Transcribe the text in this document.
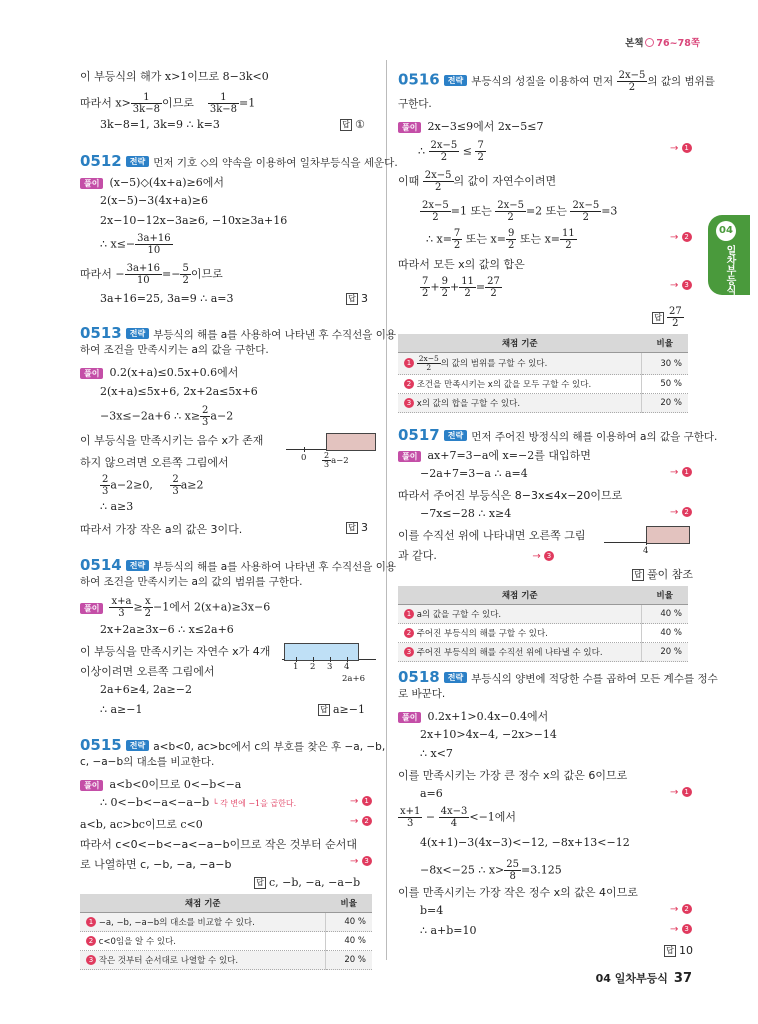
본책 76~78쪽
04
일차부등식
이 부등식의 해가 x>1이므로 8−3k<0
따라서 $x> \frac{1}{3k-8}$ 이므로 $\frac{1}{3k-8} =1$
3k−8=1, 3k=9 ∴ k=3	답 ①
0512 전략 먼저 기호 ◇의 약속을 이용하여 일차부등식을 세운다.
풀이 (x−5)◇(4x+a)≥6에서
2(x−5)−3(4x+a)≥6
2x−10−12x−3a≥6, −10x≥3a+16
∴ $x\le- \frac{3a+16}{10}$
따라서 − $\frac{3a+16}{10} =- \frac{5}{2}$ 이므로
3a+16=25, 3a=9 ∴ a=3	답 3
0513 전략 부등식의 해를 a를 사용하여 나타낸 후 수직선을 이용
하여 조건을 만족시키는 a의 값을 구한다.
풀이 0.2(x+a)≤0.5x+0.6에서
2(x+a)≤5x+6, 2x+2a≤5x+6
−3x≤−2a+6 ∴ $x\ge \frac{2}{3} a-2$
이 부등식을 만족시키는 음수 x가 존재
하지 않으려면 오른쪽 그림에서
$\frac{2}{3} a-2\ge 0$, $\frac{2}{3} a\ge 2$
∴ a≥3
따라서 가장 작은 a의 값은 3이다.	답 3
$0 \frac{2}{3} a-2$
0514 전략 부등식의 해를 a를 사용하여 나타낸 후 수직선을 이용
하여 조건을 만족시키는 a의 값의 범위를 구한다.
풀이 $\frac{x+a}{3} \ge \frac{x}{2} -1$에서 2(x+a)≥3x−6
2x+2a≥3x−6 ∴ x≤2a+6
이 부등식을 만족시키는 자연수 x가 4개
이상이려면 오른쪽 그림에서
2a+6≥4, 2a≥−2
∴ a≥−1	답 a≥−1
1 2 3 4
2a+6
0515 전략 a<b<0, ac>bc에서 c의 부호를 찾은 후 −a, −b,
c, −a−b의 대소를 비교한다.
풀이 a<b<0이므로 0<−b<−a
∴ 0<−b<−a<−a−b └ 각 변에 −1을 곱한다.	→ 1
a<b, ac>bc이므로 c<0	→ 2
따라서 c<0<−b<−a<−a−b이므로 작은 것부터 순서대
로 나열하면 c, −b, −a, −a−b	→ 3
답 c, −b, −a, −a−b
채점 기준	비율
1 −a, −b, −a−b의 대소를 비교할 수 있다.	40 %
2 c<0임을 알 수 있다.	40 %
3 작은 것부터 순서대로 나열할 수 있다.	20 %
0516 전략 부등식의 성질을 이용하여 먼저 $\frac{2x-5}{2}$ 의 값의 범위를
구한다.
풀이 2x−3≤9에서 2x−5≤7
∴ $\frac{2x-5}{2} \le \frac{7}{2}$	→ 1
이때 $\frac{2x-5}{2}$ 의 값이 자연수이려면
$\frac{2x-5}{2} =1$ 또는 $\frac{2x-5}{2} =2$ 또는 $\frac{2x-5}{2} =3$
∴ $x= \frac{7}{2}$ 또는 $x= \frac{9}{2}$ 또는 $x= \frac{11}{2}$	→ 2
따라서 모든 x의 값의 합은
$\frac{7}{2} + \frac{9}{2} + \frac{11}{2} = \frac{27}{2}$	→ 3
답 $\frac{27}{2}$
채점 기준	비율
$1 \frac{2x-5}{2}$ 의 값의 범위를 구할 수 있다.	30 %
2 조건을 만족시키는 x의 값을 모두 구할 수 있다.	50 %
3 x의 값의 합을 구할 수 있다.	20 %
0517 전략 먼저 주어진 방정식의 해를 이용하여 a의 값을 구한다.
풀이 ax+7=3−a에 x=−2를 대입하면
−2a+7=3−a ∴ a=4	→ 1
따라서 주어진 부등식은 8−3x≤4x−20이므로
−7x≤−28 ∴ x≥4	→ 2
이를 수직선 위에 나타내면 오른쪽 그림
과 같다.	→ 3	4
답 풀이 참조
채점 기준	비율
1 a의 값을 구할 수 있다.	40 %
2 주어진 부등식의 해를 구할 수 있다.	40 %
3 주어진 부등식의 해를 수직선 위에 나타낼 수 있다.	20 %
0518 전략 부등식의 양변에 적당한 수를 곱하여 모든 계수를 정수
로 바꾼다.
풀이 0.2x+1>0.4x−0.4에서
2x+10>4x−4, −2x>−14
∴ x<7
이를 만족시키는 가장 큰 정수 x의 값은 6이므로
a=6	→ 1
$\frac{x+1}{3} - \frac{4x-3}{4} <-1$에서
4(x+1)−3(4x−3)<−12, −8x+13<−12
−8x<−25 ∴ $x> \frac{25}{8} =3.125$
이를 만족시키는 가장 작은 정수 x의 값은 4이므로
b=4	→ 2
∴ a+b=10	→ 3
답 10
04 일차부등식 37
